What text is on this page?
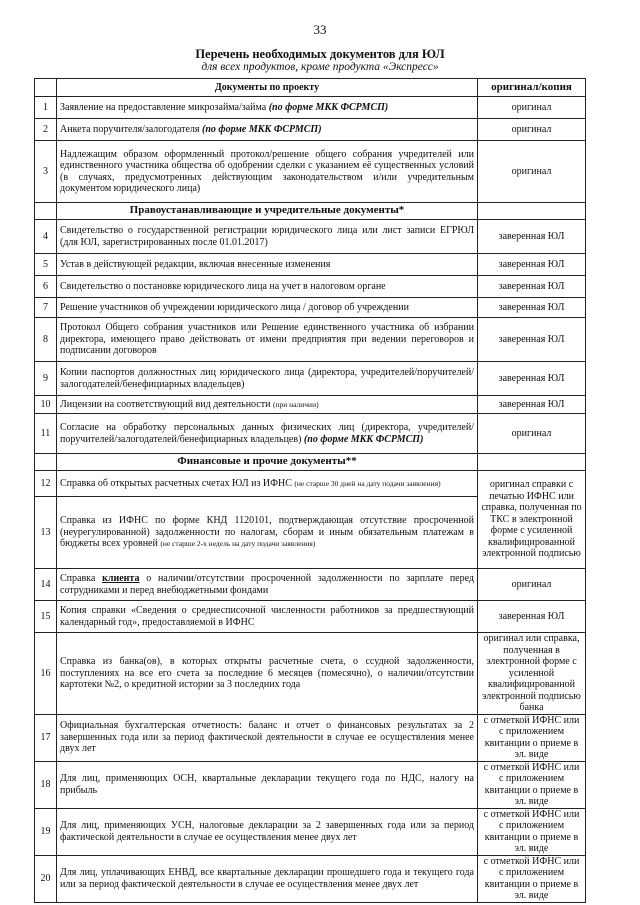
33
Перечень необходимых документов для ЮЛ
для всех продуктов, кроме продукта «Экспресс»
	Документы по проекту	оригинал/копия
1	Заявление на предоставление микрозайма/займа (по форме МКК ФСРМСП)	оригинал
2	Анкета поручителя/залогодателя (по форме МКК ФСРМСП)	оригинал
3	Надлежащим образом оформленный протокол/решение общего собрания учредителей или единственного участника общества об одобрении сделки с указанием её существенных условий (в случаях, предусмотренных действующим законодательством и/или учредительным документом юридического лица)	оригинал
	Правоустанавливающие и учредительные документы*	
4	Свидетельство о государственной регистрации юридического лица или лист записи ЕГРЮЛ (для ЮЛ, зарегистрированных после 01.01.2017)	заверенная ЮЛ
5	Устав в действующей редакции, включая внесенные изменения	заверенная ЮЛ
6	Свидетельство о постановке юридического лица на учет в налоговом органе	заверенная ЮЛ
7	Решение участников об учреждении юридического лица / договор об учреждении	заверенная ЮЛ
8	Протокол Общего собрания участников или Решение единственного участника об избрании директора, имеющего право действовать от имени предприятия при ведении переговоров и подписании договоров	заверенная ЮЛ
9	Копии паспортов должностных лиц юридического лица (директора, учредителей/поручителей/залогодателей/бенефициарных владельцев)	заверенная ЮЛ
10	Лицензии на соответствующий вид деятельности (при наличии)	заверенная ЮЛ
11	Согласие на обработку персональных данных физических лиц (директора, учредителей/поручителей/залогодателей/бенефициарных владельцев) (по форме МКК ФСРМСП)	оригинал
	Финансовые и прочие документы**	
12	Справка об открытых расчетных счетах ЮЛ из ИФНС (не старше 30 дней на дату подачи заявления)	оригинал справки с печатью ИФНС или справка, полученная по ТКС в электронной форме с усиленной квалифицированной электронной подписью
13	Справка из ИФНС по форме КНД 1120101, подтверждающая отсутствие просроченной (неурегулированной) задолженности по налогам, сборам и иным обязательным платежам в бюджеты всех уровней (не старше 2-х недель на дату подачи заявления)	
14	Справка клиента о наличии/отсутствии просроченной задолженности по зарплате перед сотрудниками и перед внебюджетными фондами	оригинал
15	Копия справки «Сведения о среднесписочной численности работников за предшествующий календарный год», предоставляемой в ИФНС	заверенная ЮЛ
16	Справка из банка(ов), в которых открыты расчетные счета, о ссудной задолженности, поступлениях на все его счета за последние 6 месяцев (помесячно), о наличии/отсутствии картотеки №2, о кредитной истории за 3 последних года	оригинал или справка, полученная в электронной форме с усиленной квалифицированной электронной подписью банка
17	Официальная бухгалтерская отчетность: баланс и отчет о финансовых результатах за 2 завершенных года или за период фактической деятельности в случае ее осуществления менее двух лет	с отметкой ИФНС или с приложением квитанции о приеме в эл. виде
18	Для лиц, применяющих ОСН, квартальные декларации текущего года по НДС, налогу на прибыль	с отметкой ИФНС или с приложением квитанции о приеме в эл. виде
19	Для лиц, применяющих УСН, налоговые декларации за 2 завершенных года или за период фактической деятельности в случае ее осуществления менее двух лет	с отметкой ИФНС или с приложением квитанции о приеме в эл. виде
20	Для лиц, уплачивающих ЕНВД, все квартальные декларации прошедшего года и текущего года или за период фактической деятельности в случае ее осуществления менее двух лет	с отметкой ИФНС или с приложением квитанции о приеме в эл. виде
